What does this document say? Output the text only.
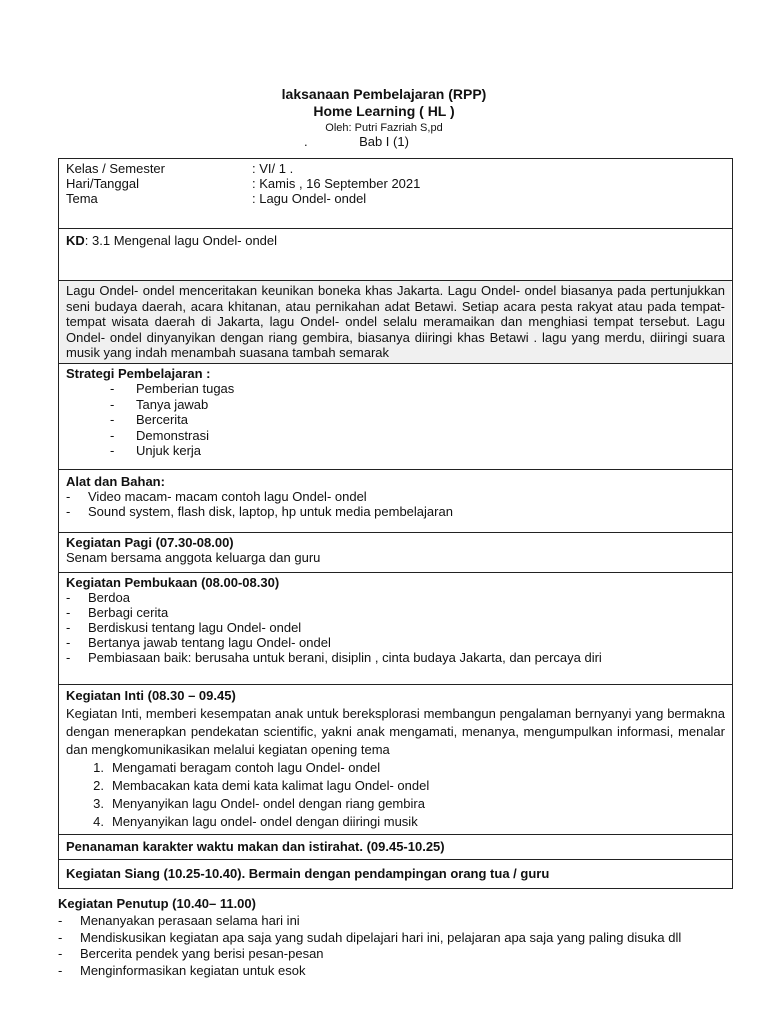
laksanaan Pembelajaran (RPP)
Home Learning ( HL )
Oleh: Putri Fazriah S,pd
.	Bab I (1)
Kelas / Semester	: VI/ 1 .
Hari/Tanggal	: Kamis , 16 September 2021
Tema	: Lagu Ondel- ondel
KD: 3.1 Mengenal lagu Ondel- ondel
Lagu Ondel- ondel menceritakan keunikan boneka khas Jakarta. Lagu Ondel- ondel biasanya pada pertunjukkan seni budaya daerah, acara khitanan, atau pernikahan adat Betawi. Setiap acara pesta rakyat atau pada tempat- tempat wisata daerah di Jakarta, lagu Ondel- ondel selalu meramaikan dan menghiasi tempat tersebut. Lagu Ondel- ondel dinyanyikan dengan riang gembira, biasanya diiringi khas Betawi . lagu yang merdu, diiringi suara musik yang indah menambah suasana tambah semarak
Strategi Pembelajaran :
- Pemberian tugas
- Tanya jawab
- Bercerita
- Demonstrasi
- Unjuk kerja
Alat dan Bahan:
- Video macam- macam contoh lagu Ondel- ondel
- Sound system, flash disk, laptop, hp untuk media pembelajaran
Kegiatan Pagi (07.30-08.00)
Senam bersama anggota keluarga dan guru
Kegiatan Pembukaan (08.00-08.30)
- Berdoa
- Berbagi cerita
- Berdiskusi tentang lagu Ondel- ondel
- Bertanya jawab tentang lagu Ondel- ondel
- Pembiasaan baik: berusaha untuk berani, disiplin , cinta budaya Jakarta, dan percaya diri
Kegiatan Inti (08.30 – 09.45)
Kegiatan Inti, memberi kesempatan anak untuk bereksplorasi membangun pengalaman bernyanyi yang bermakna dengan menerapkan pendekatan scientific, yakni anak mengamati, menanya, mengumpulkan informasi, menalar dan mengkomunikasikan melalui kegiatan opening tema
1. Mengamati beragam contoh lagu Ondel- ondel
2. Membacakan kata demi kata kalimat lagu Ondel- ondel
3. Menyanyikan lagu Ondel- ondel dengan riang gembira
4. Menyanyikan lagu ondel- ondel dengan diiringi musik
Penanaman karakter waktu makan dan istirahat. (09.45-10.25)
Kegiatan Siang (10.25-10.40). Bermain dengan pendampingan orang tua / guru
Kegiatan Penutup (10.40– 11.00)
-	Menanyakan perasaan selama hari ini
-	Mendiskusikan kegiatan apa saja yang sudah dipelajari hari ini, pelajaran apa saja yang paling disuka dll
-	Bercerita pendek yang berisi pesan-pesan
-	Menginformasikan kegiatan untuk esok
